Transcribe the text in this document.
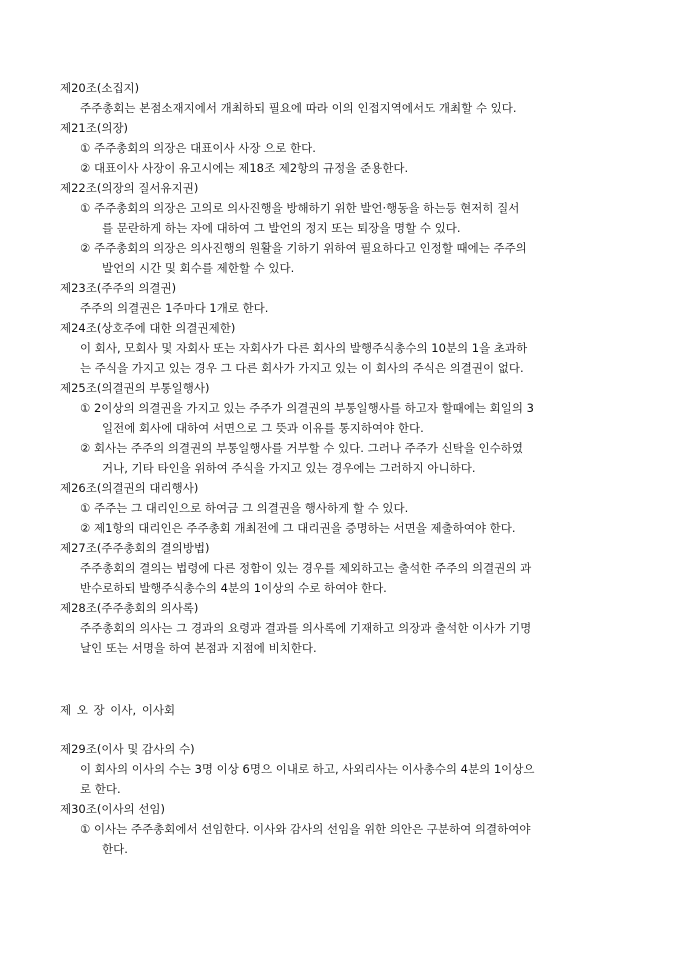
제20조(소집지)
주주총회는 본점소재지에서 개최하되 필요에 따라 이의 인접지역에서도 개최할 수 있다.
제21조(의장)
① 주주총회의 의장은 대표이사 사장 으로 한다.
② 대표이사 사장이 유고시에는 제18조 제2항의 규정을 준용한다.
제22조(의장의 질서유지권)
① 주주총회의 의장은 고의로 의사진행을 방해하기 위한 발언·행동을 하는등 현저히 질서
를 문란하게 하는 자에 대하여 그 발언의 정지 또는 퇴장을 명할 수 있다.
② 주주총회의 의장은 의사진행의 원활을 기하기 위하여 필요하다고 인정할 때에는 주주의
발언의 시간 및 회수를 제한할 수 있다.
제23조(주주의 의결권)
주주의 의결권은 1주마다 1개로 한다.
제24조(상호주에 대한 의결권제한)
이 회사, 모회사 및 자회사 또는 자회사가 다른 회사의 발행주식총수의 10분의 1을 초과하
는 주식을 가지고 있는 경우 그 다른 회사가 가지고 있는 이 회사의 주식은 의결권이 없다.
제25조(의결권의 부통일행사)
① 2이상의 의결권을 가지고 있는 주주가 의결권의 부통일행사를 하고자 할때에는 회일의 3
일전에 회사에 대하여 서면으로 그 뜻과 이유를 통지하여야 한다.
② 회사는 주주의 의결권의 부통일행사를 거부할 수 있다. 그러나 주주가 신탁을 인수하였
거나, 기타 타인을 위하여 주식을 가지고 있는 경우에는 그러하지 아니하다.
제26조(의결권의 대리행사)
① 주주는 그 대리인으로 하여금 그 의결권을 행사하게 할 수 있다.
② 제1항의 대리인은 주주총회 개최전에 그 대리권을 증명하는 서면을 제출하여야 한다.
제27조(주주총회의 결의방법)
주주총회의 결의는 법령에 다른 정함이 있는 경우를 제외하고는 출석한 주주의 의결권의 과
반수로하되 발행주식총수의 4분의 1이상의 수로 하여야 한다.
제28조(주주총회의 의사록)
주주총회의 의사는 그 경과의 요령과 결과를 의사록에 기재하고 의장과 출석한 이사가 기명
날인 또는 서명을 하여 본점과 지점에 비치한다.
제 오 장 이사, 이사회
제29조(이사 및 감사의 수)
이 회사의 이사의 수는 3명 이상 6명으 이내로 하고, 사외리사는 이사총수의 4분의 1이상으
로 한다.
제30조(이사의 선임)
① 이사는 주주총회에서 선임한다. 이사와 감사의 선임을 위한 의안은 구분하여 의결하여야
한다.
